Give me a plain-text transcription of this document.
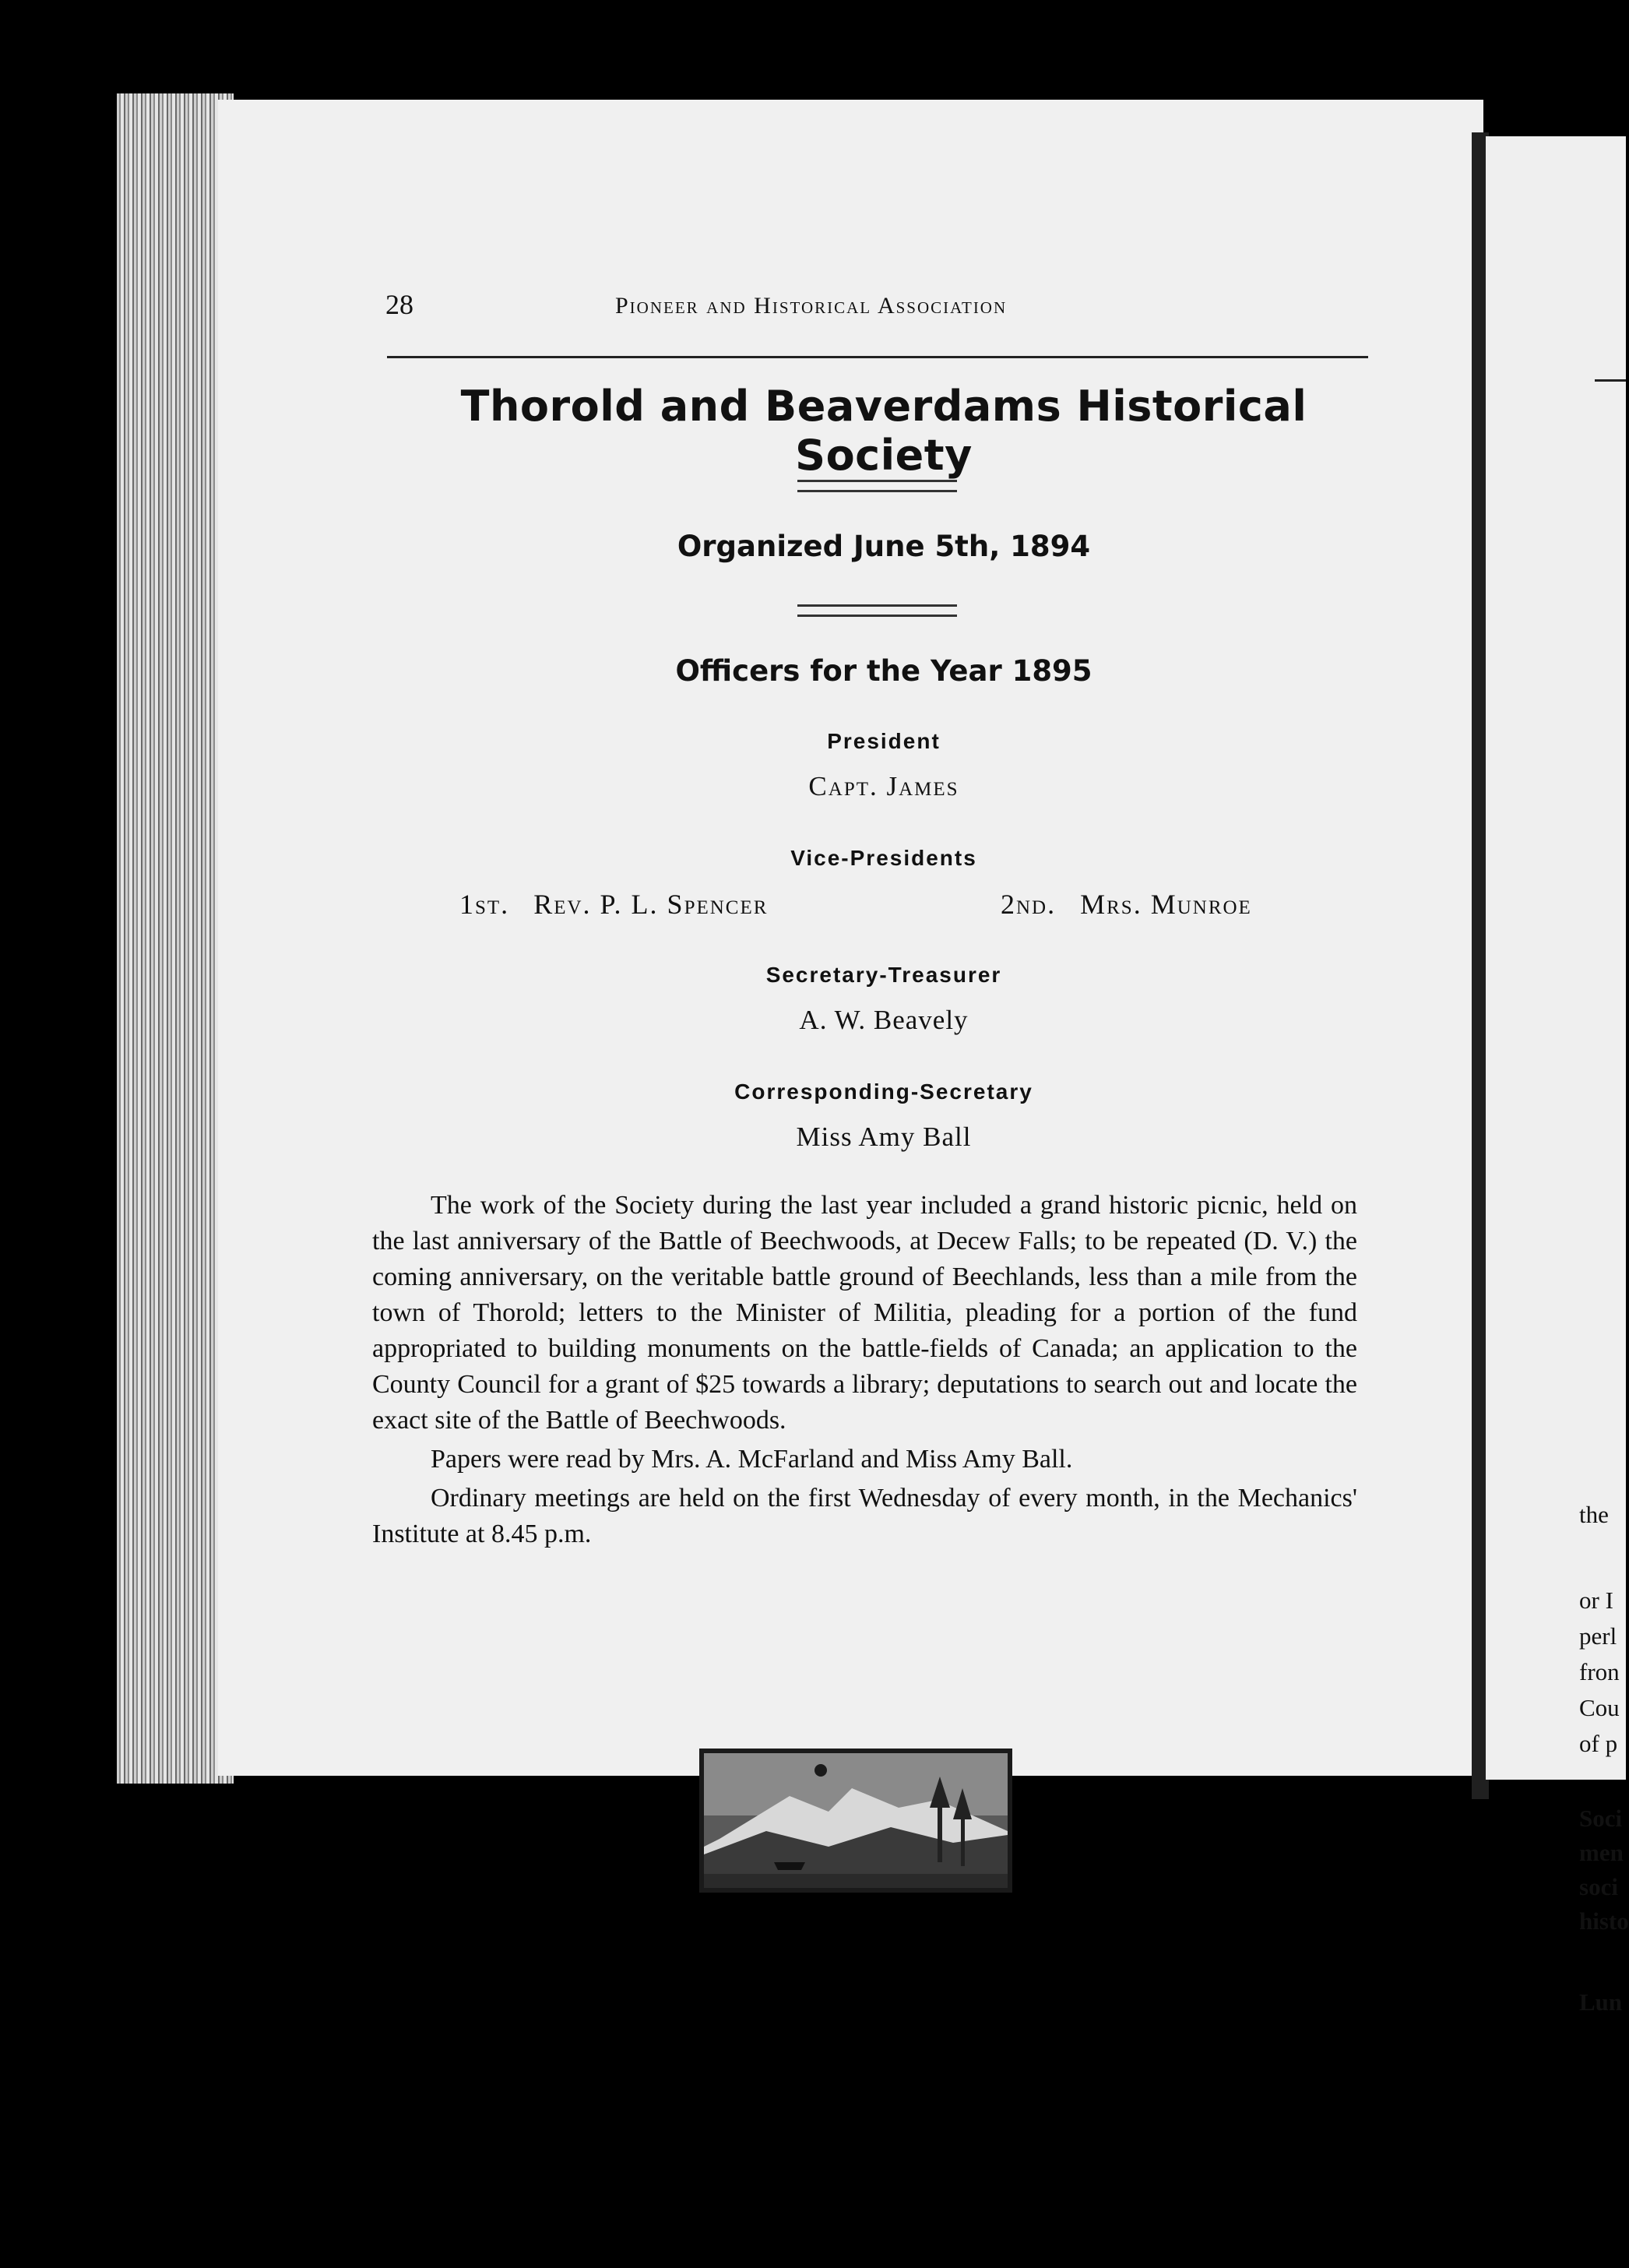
the
or I
perl
fron
Cou
of p
Soci
men
soci
histo
Lun
28	Pioneer and Historical Association
Thorold and Beaverdams Historical Society
Organized June 5th, 1894
Officers for the Year 1895
President
Capt. James
Vice-Presidents
1st. Rev. P. L. Spencer	2nd. Mrs. Munroe
Secretary-Treasurer
A. W. Beavely
Corresponding-Secretary
Miss Amy Ball

The work of the Society during the last year included a grand historic picnic, held on the last anniversary of the Battle of Beechwoods, at Decew Falls; to be repeated (D. V.) the coming anniversary, on the veritable battle ground of Beechlands, less than a mile from the town of Thorold; letters to the Minister of Militia, pleading for a portion of the fund appropriated to building monuments on the battle-fields of Canada; an application to the County Council for a grant of $25 towards a library; deputations to search out and locate the exact site of the Battle of Beechwoods.

Papers were read by Mrs. A. McFarland and Miss Amy Ball.

Ordinary meetings are held on the first Wednesday of every month, in the Mechanics' Institute at 8.45 p.m.
